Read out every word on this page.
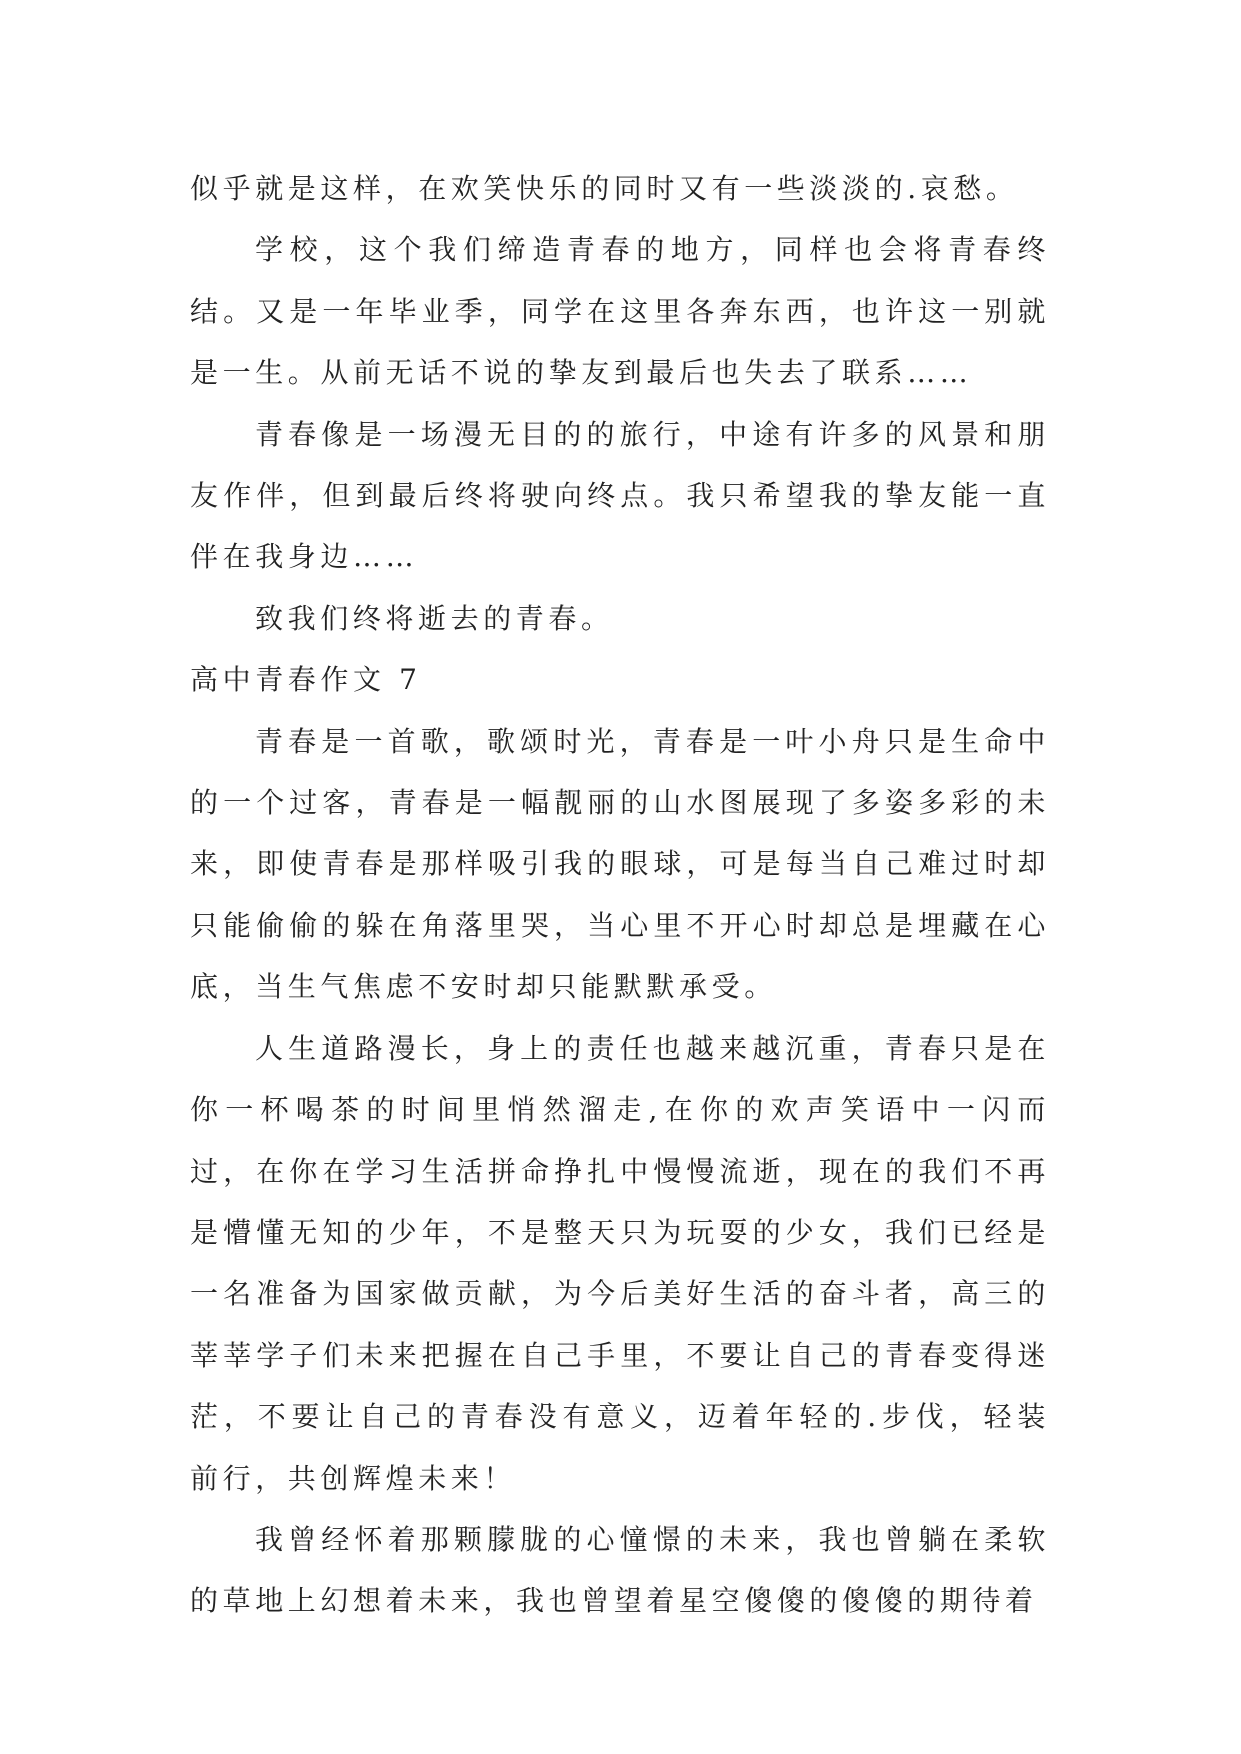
似乎就是这样，在欢笑快乐的同时又有一些淡淡的.哀愁。

学校，这个我们缔造青春的地方，同样也会将青春终结。又是一年毕业季，同学在这里各奔东西，也许这一别就是一生。从前无话不说的挚友到最后也失去了联系……

青春像是一场漫无目的的旅行，中途有许多的风景和朋友作伴，但到最后终将驶向终点。我只希望我的挚友能一直伴在我身边……

致我们终将逝去的青春。

高中青春作文 7

青春是一首歌，歌颂时光，青春是一叶小舟只是生命中的一个过客，青春是一幅靓丽的山水图展现了多姿多彩的未来，即使青春是那样吸引我的眼球，可是每当自己难过时却只能偷偷的躲在角落里哭，当心里不开心时却总是埋藏在心底，当生气焦虑不安时却只能默默承受。

人生道路漫长，身上的责任也越来越沉重，青春只是在你一杯喝茶的时间里悄然溜走,在你的欢声笑语中一闪而过，在你在学习生活拼命挣扎中慢慢流逝，现在的我们不再是懵懂无知的少年，不是整天只为玩耍的少女，我们已经是一名准备为国家做贡献，为今后美好生活的奋斗者，高三的莘莘学子们未来把握在自己手里，不要让自己的青春变得迷茫，不要让自己的青春没有意义，迈着年轻的.步伐，轻装前行，共创辉煌未来！

我曾经怀着那颗朦胧的心憧憬的未来，我也曾躺在柔软的草地上幻想着未来，我也曾望着星空傻傻的傻傻的期待着
